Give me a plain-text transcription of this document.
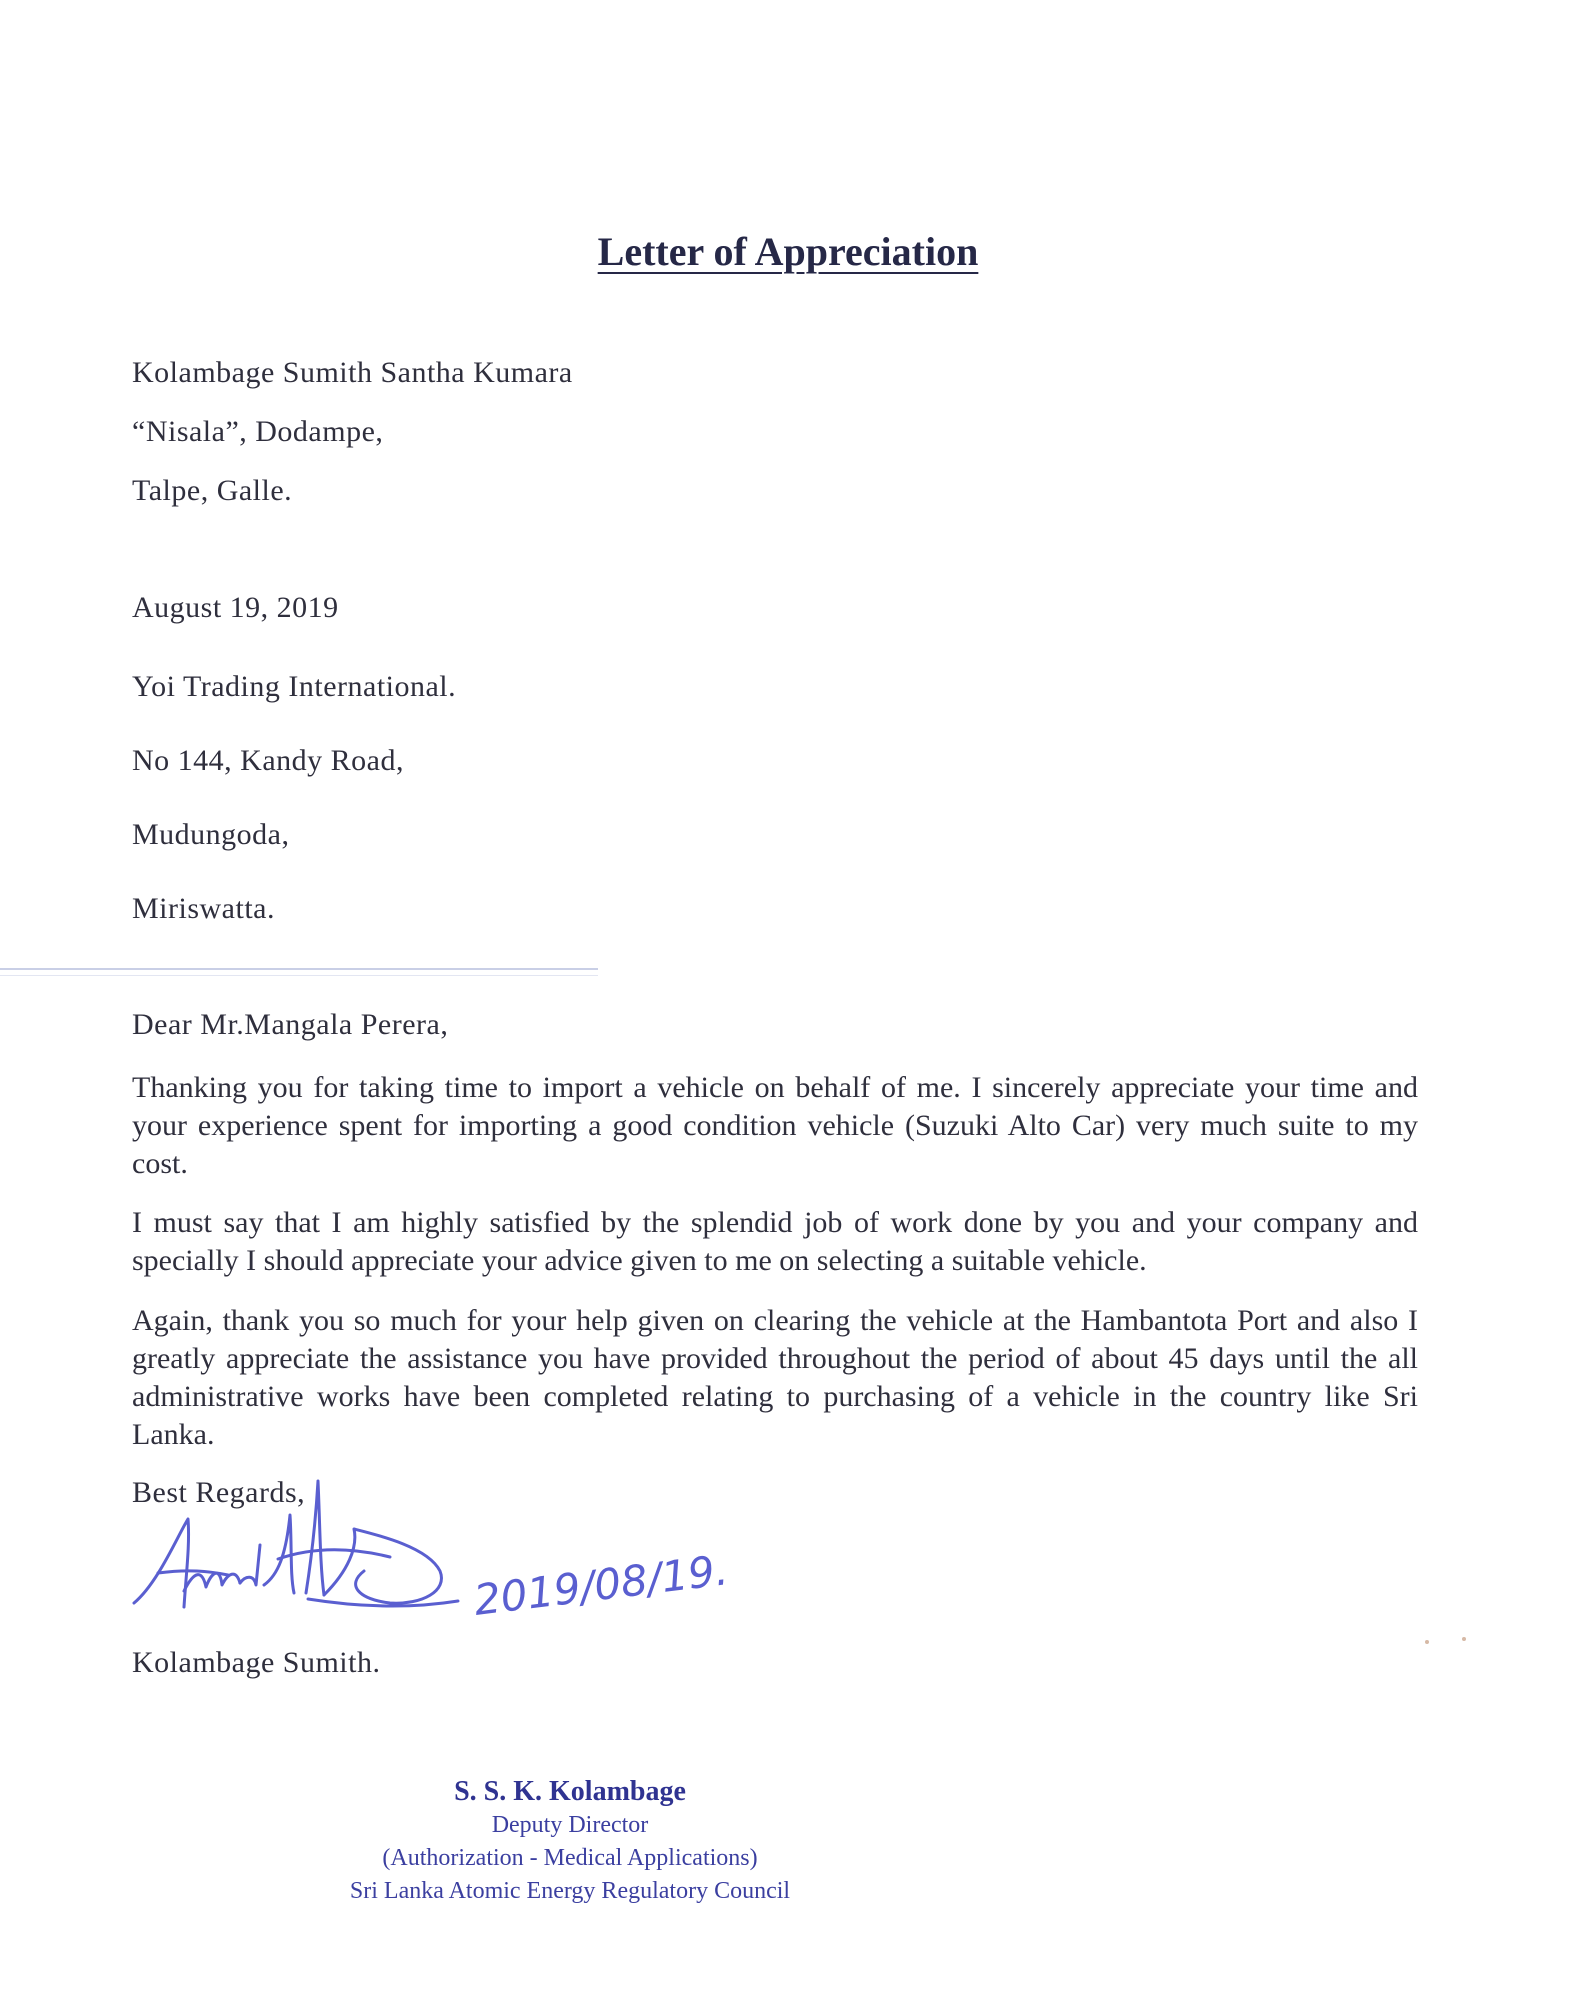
Letter of Appreciation

Kolambage Sumith Santha Kumara

“Nisala”, Dodampe,

Talpe, Galle.

August 19, 2019

Yoi Trading International.

No 144, Kandy Road,

Mudungoda,

Miriswatta.

Dear Mr.Mangala Perera,

Thanking you for taking time to import a vehicle on behalf of me. I sincerely appreciate your time and your experience spent for importing a good condition vehicle (Suzuki Alto Car) very much suite to my cost.

I must say that I am highly satisfied by the splendid job of work done by you and your company and specially I should appreciate your advice given to me on selecting a suitable vehicle.

Again, thank you so much for your help given on clearing the vehicle at the Hambantota Port and also I greatly appreciate the assistance you have provided throughout the period of about 45 days until the all administrative works have been completed relating to purchasing of a vehicle in the country like Sri Lanka.

Best Regards,

2019/08/19.

Kolambage Sumith.

S. S. K. Kolambage

Deputy Director

(Authorization - Medical Applications)

Sri Lanka Atomic Energy Regulatory Council
